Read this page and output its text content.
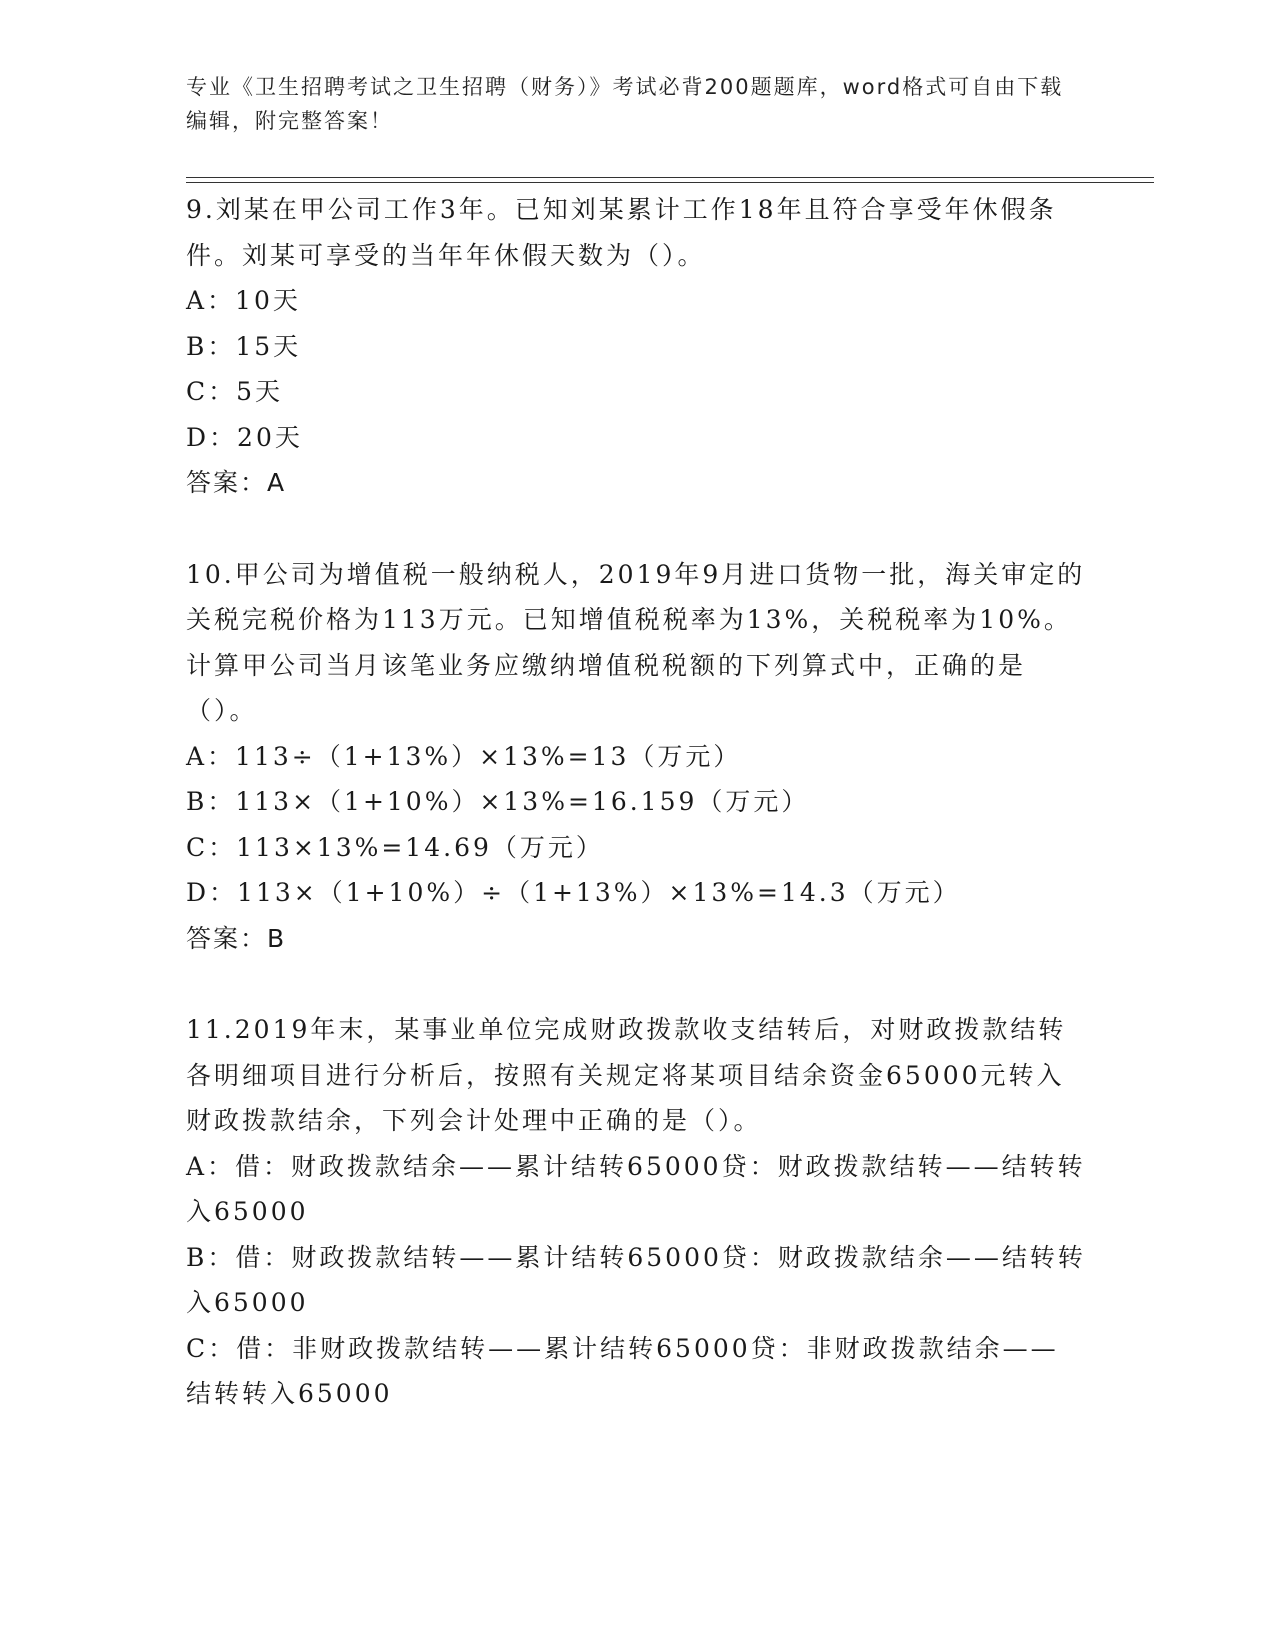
专业《卫生招聘考试之卫生招聘（财务）》考试必背200题题库，word格式可自由下载编辑，附完整答案！

9.刘某在甲公司工作3年。已知刘某累计工作18年且符合享受年休假条件。刘某可享受的当年年休假天数为（）。

A：10天

B：15天

C：5天

D：20天

答案：A

10.甲公司为增值税一般纳税人，2019年9月进口货物一批，海关审定的关税完税价格为113万元。已知增值税税率为13%，关税税率为10%。计算甲公司当月该笔业务应缴纳增值税税额的下列算式中，正确的是（）。

A：113÷（1+13%）×13%=13（万元）

B：113×（1+10%）×13%=16.159（万元）

C：113×13%=14.69（万元）

D：113×（1+10%）÷（1+13%）×13%=14.3（万元）

答案：B

11.2019年末，某事业单位完成财政拨款收支结转后，对财政拨款结转各明细项目进行分析后，按照有关规定将某项目结余资金65000元转入财政拨款结余，下列会计处理中正确的是（）。

A：借：财政拨款结余——累计结转65000贷：财政拨款结转——结转转入65000

B：借：财政拨款结转——累计结转65000贷：财政拨款结余——结转转入65000

C：借：非财政拨款结转——累计结转65000贷：非财政拨款结余——结转转入65000
